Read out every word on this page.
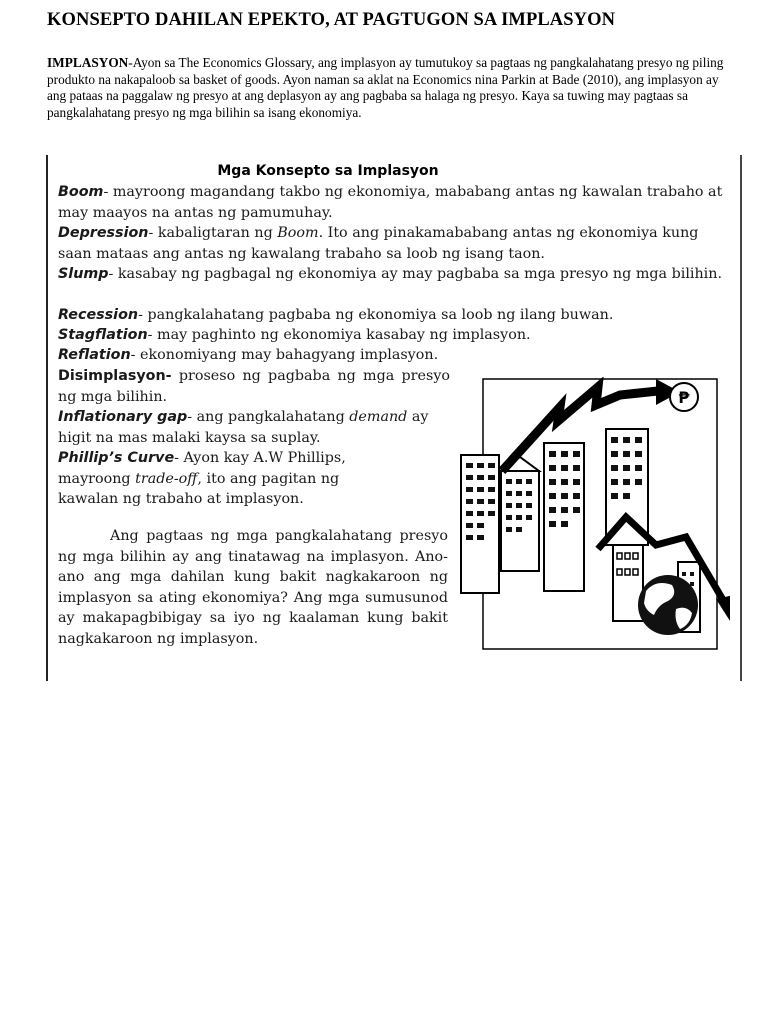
KONSEPTO DAHILAN EPEKTO, AT PAGTUGON SA IMPLASYON

IMPLASYON-Ayon sa The Economics Glossary, ang implasyon ay tumutukoy sa pagtaas ng pangkalahatang presyo ng piling produkto na nakapaloob sa basket of goods. Ayon naman sa aklat na Economics nina Parkin at Bade (2010), ang implasyon ay ang pataas na paggalaw ng presyo at ang deplasyon ay ang pagbaba sa halaga ng presyo. Kaya sa tuwing may pagtaas sa pangkalahatang presyo ng mga bilihin sa isang ekonomiya.

Mga Konsepto sa Implasyon
Boom- mayroong magandang takbo ng ekonomiya, mababang antas ng kawalan trabaho at may maayos na antas ng pamumuhay.
Depression- kabaligtaran ng Boom. Ito ang pinakamababang antas ng ekonomiya kung saan mataas ang antas ng kawalang trabaho sa loob ng isang taon.
Slump- kasabay ng pagbagal ng ekonomiya ay may pagbaba sa mga presyo ng mga bilihin.
Recession- pangkalahatang pagbaba ng ekonomiya sa loob ng ilang buwan.
Stagflation- may paghinto ng ekonomiya kasabay ng implasyon.
Reflation- ekonomiyang may bahagyang implasyon.
Disimplasyon- proseso ng pagbaba ng mga presyo ng mga bilihin.
Inflationary gap- ang pangkalahatang demand ay higit na mas malaki kaysa sa suplay.
Phillip’s Curve- Ayon kay A.W Phillips, mayroong trade-off, ito ang pagitan ng kawalan ng trabaho at implasyon.

Ang pagtaas ng mga pangkalahatang presyo ng mga bilihin ay ang tinatawag na implasyon. Ano- ano ang mga dahilan kung bakit nagkakaroon ng implasyon sa ating ekonomiya? Ang mga sumusunod ay makapagbibigay sa iyo ng kaalaman kung bakit nagkakaroon ng implasyon.

₱
